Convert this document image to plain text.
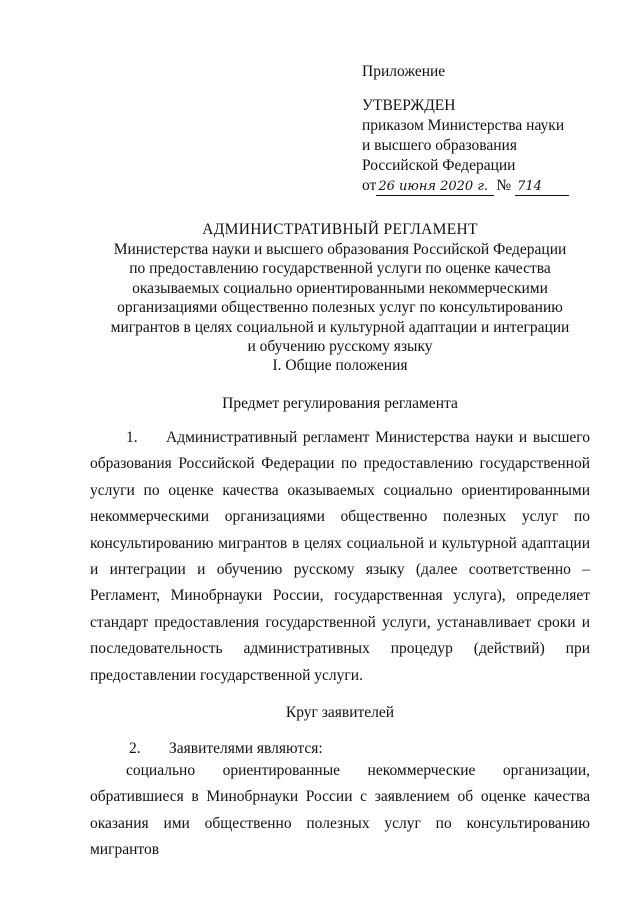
Приложение
УТВЕРЖДЕН
приказом Министерства науки
и высшего образования
Российской Федерации
от 26 июня 2020 г. № 714
АДМИНИСТРАТИВНЫЙ РЕГЛАМЕНТ
Министерства науки и высшего образования Российской Федерации
по предоставлению государственной услуги по оценке качества
оказываемых социально ориентированными некоммерческими
организациями общественно полезных услуг по консультированию
мигрантов в целях социальной и культурной адаптации и интеграции
и обучению русскому языку
I. Общие положения
Предмет регулирования регламента
1. Административный регламент Министерства науки и высшего образования Российской Федерации по предоставлению государственной услуги по оценке качества оказываемых социально ориентированными некоммерческими организациями общественно полезных услуг по консультированию мигрантов в целях социальной и культурной адаптации и интеграции и обучению русскому языку (далее соответственно – Регламент, Минобрнауки России, государственная услуга), определяет стандарт предоставления государственной услуги, устанавливает сроки и последовательность административных процедур (действий) при предоставлении государственной услуги.
Круг заявителей
2. Заявителями являются:
социально ориентированные некоммерческие организации, обратившиеся в Минобрнауки России с заявлением об оценке качества оказания ими общественно полезных услуг по консультированию мигрантов
